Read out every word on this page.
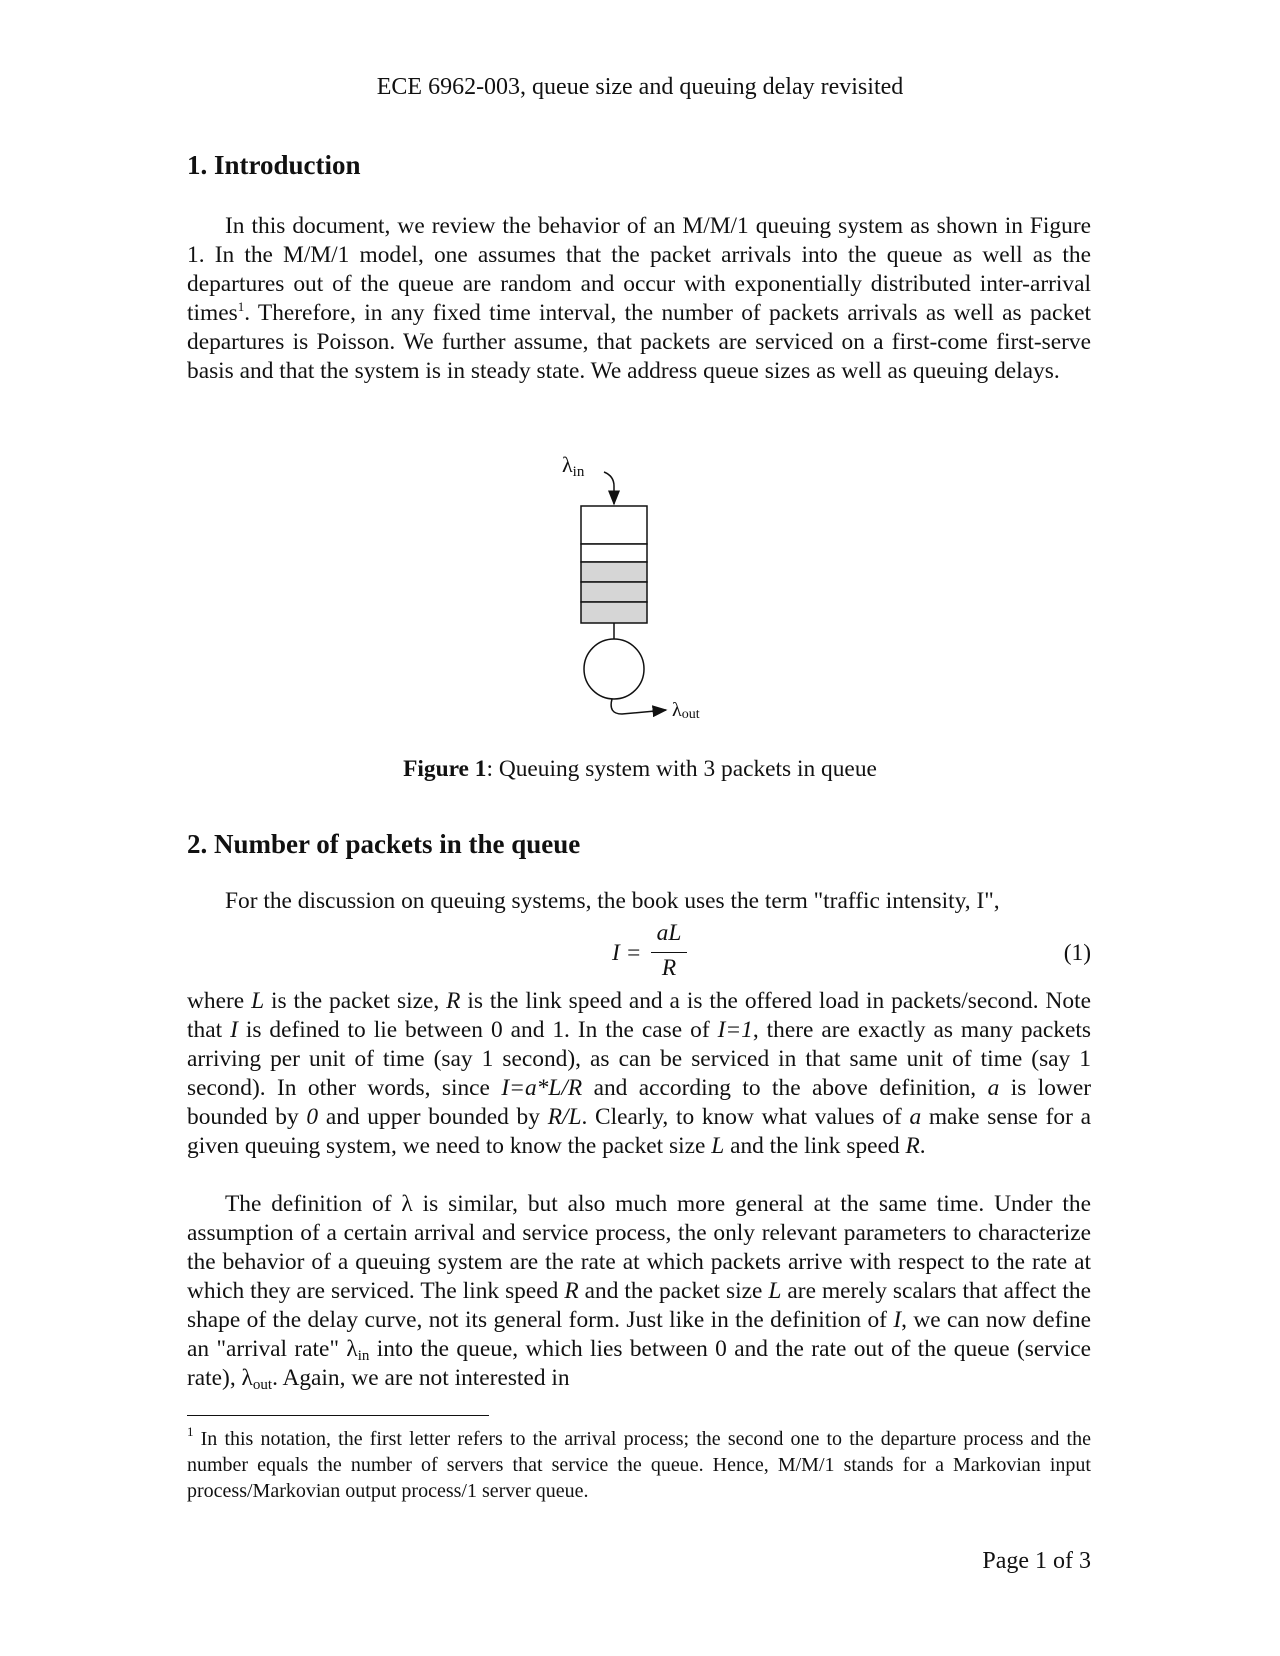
ECE 6962-003, queue size and queuing delay revisited
1. Introduction
In this document, we review the behavior of an M/M/1 queuing system as shown in Figure 1. In the M/M/1 model, one assumes that the packet arrivals into the queue as well as the departures out of the queue are random and occur with exponentially distributed inter-arrival times$^1$. Therefore, in any fixed time interval, the number of packets arrivals as well as packet departures is Poisson. We further assume, that packets are serviced on a first-come first-serve basis and that the system is in steady state. We address queue sizes as well as queuing delays.
λin
λout
Figure 1: Queuing system with 3 packets in queue
2. Number of packets in the queue
For the discussion on queuing systems, the book uses the term "traffic intensity, I",
I =
aL
R
(1)
where L is the packet size, R is the link speed and a is the offered load in packets/second. Note that I is defined to lie between 0 and 1. In the case of I=1, there are exactly as many packets arriving per unit of time (say 1 second), as can be serviced in that same unit of time (say 1 second). In other words, since I=a*L/R and according to the above definition, a is lower bounded by 0 and upper bounded by R/L. Clearly, to know what values of a make sense for a given queuing system, we need to know the packet size L and the link speed R.
The definition of λ is similar, but also much more general at the same time. Under the assumption of a certain arrival and service process, the only relevant parameters to characterize the behavior of a queuing system are the rate at which packets arrive with respect to the rate at which they are serviced. The link speed R and the packet size L are merely scalars that affect the shape of the delay curve, not its general form. Just like in the definition of I, we can now define an "arrival rate" $\lambda_{in}$ into the queue, which lies between 0 and the rate out of the queue (service rate), $\lambda_{out}$. Again, we are not interested in
$^1$ In this notation, the first letter refers to the arrival process; the second one to the departure process and the number equals the number of servers that service the queue. Hence, M/M/1 stands for a Markovian input process/Markovian output process/1 server queue.
Page 1 of 3
